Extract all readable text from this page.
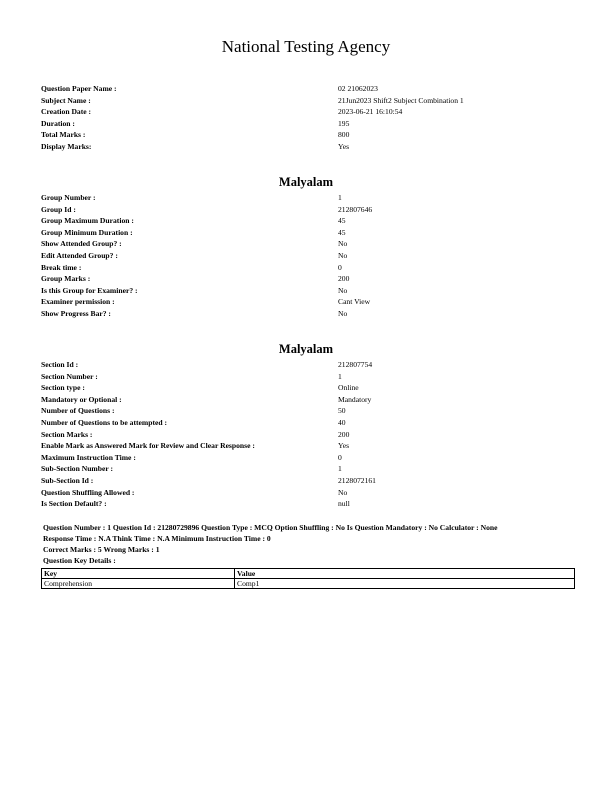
National Testing Agency
Question Paper Name :	02 21062023
Subject Name :	21Jun2023 Shift2 Subject Combination 1
Creation Date :	2023-06-21 16:10:54
Duration :	195
Total Marks :	800
Display Marks:	Yes
Malyalam
Group Number :	1
Group Id :	212807646
Group Maximum Duration :	45
Group Minimum Duration :	45
Show Attended Group? :	No
Edit Attended Group? :	No
Break time :	0
Group Marks :	200
Is this Group for Examiner? :	No
Examiner permission :	Cant View
Show Progress Bar? :	No
Malyalam
Section Id :	212807754
Section Number :	1
Section type :	Online
Mandatory or Optional :	Mandatory
Number of Questions :	50
Number of Questions to be attempted :	40
Section Marks :	200
Enable Mark as Answered Mark for Review and Clear Response :	Yes
Maximum Instruction Time :	0
Sub-Section Number :	1
Sub-Section Id :	2128072161
Question Shuffling Allowed :	No
Is Section Default? :	null
Question Number : 1 Question Id : 21280729896 Question Type : MCQ Option Shuffling : No Is Question Mandatory : No Calculator : None
Response Time : N.A Think Time : N.A Minimum Instruction Time : 0
Correct Marks : 5 Wrong Marks : 1
Question Key Details :
Key	Value
Comprehension	Comp1
